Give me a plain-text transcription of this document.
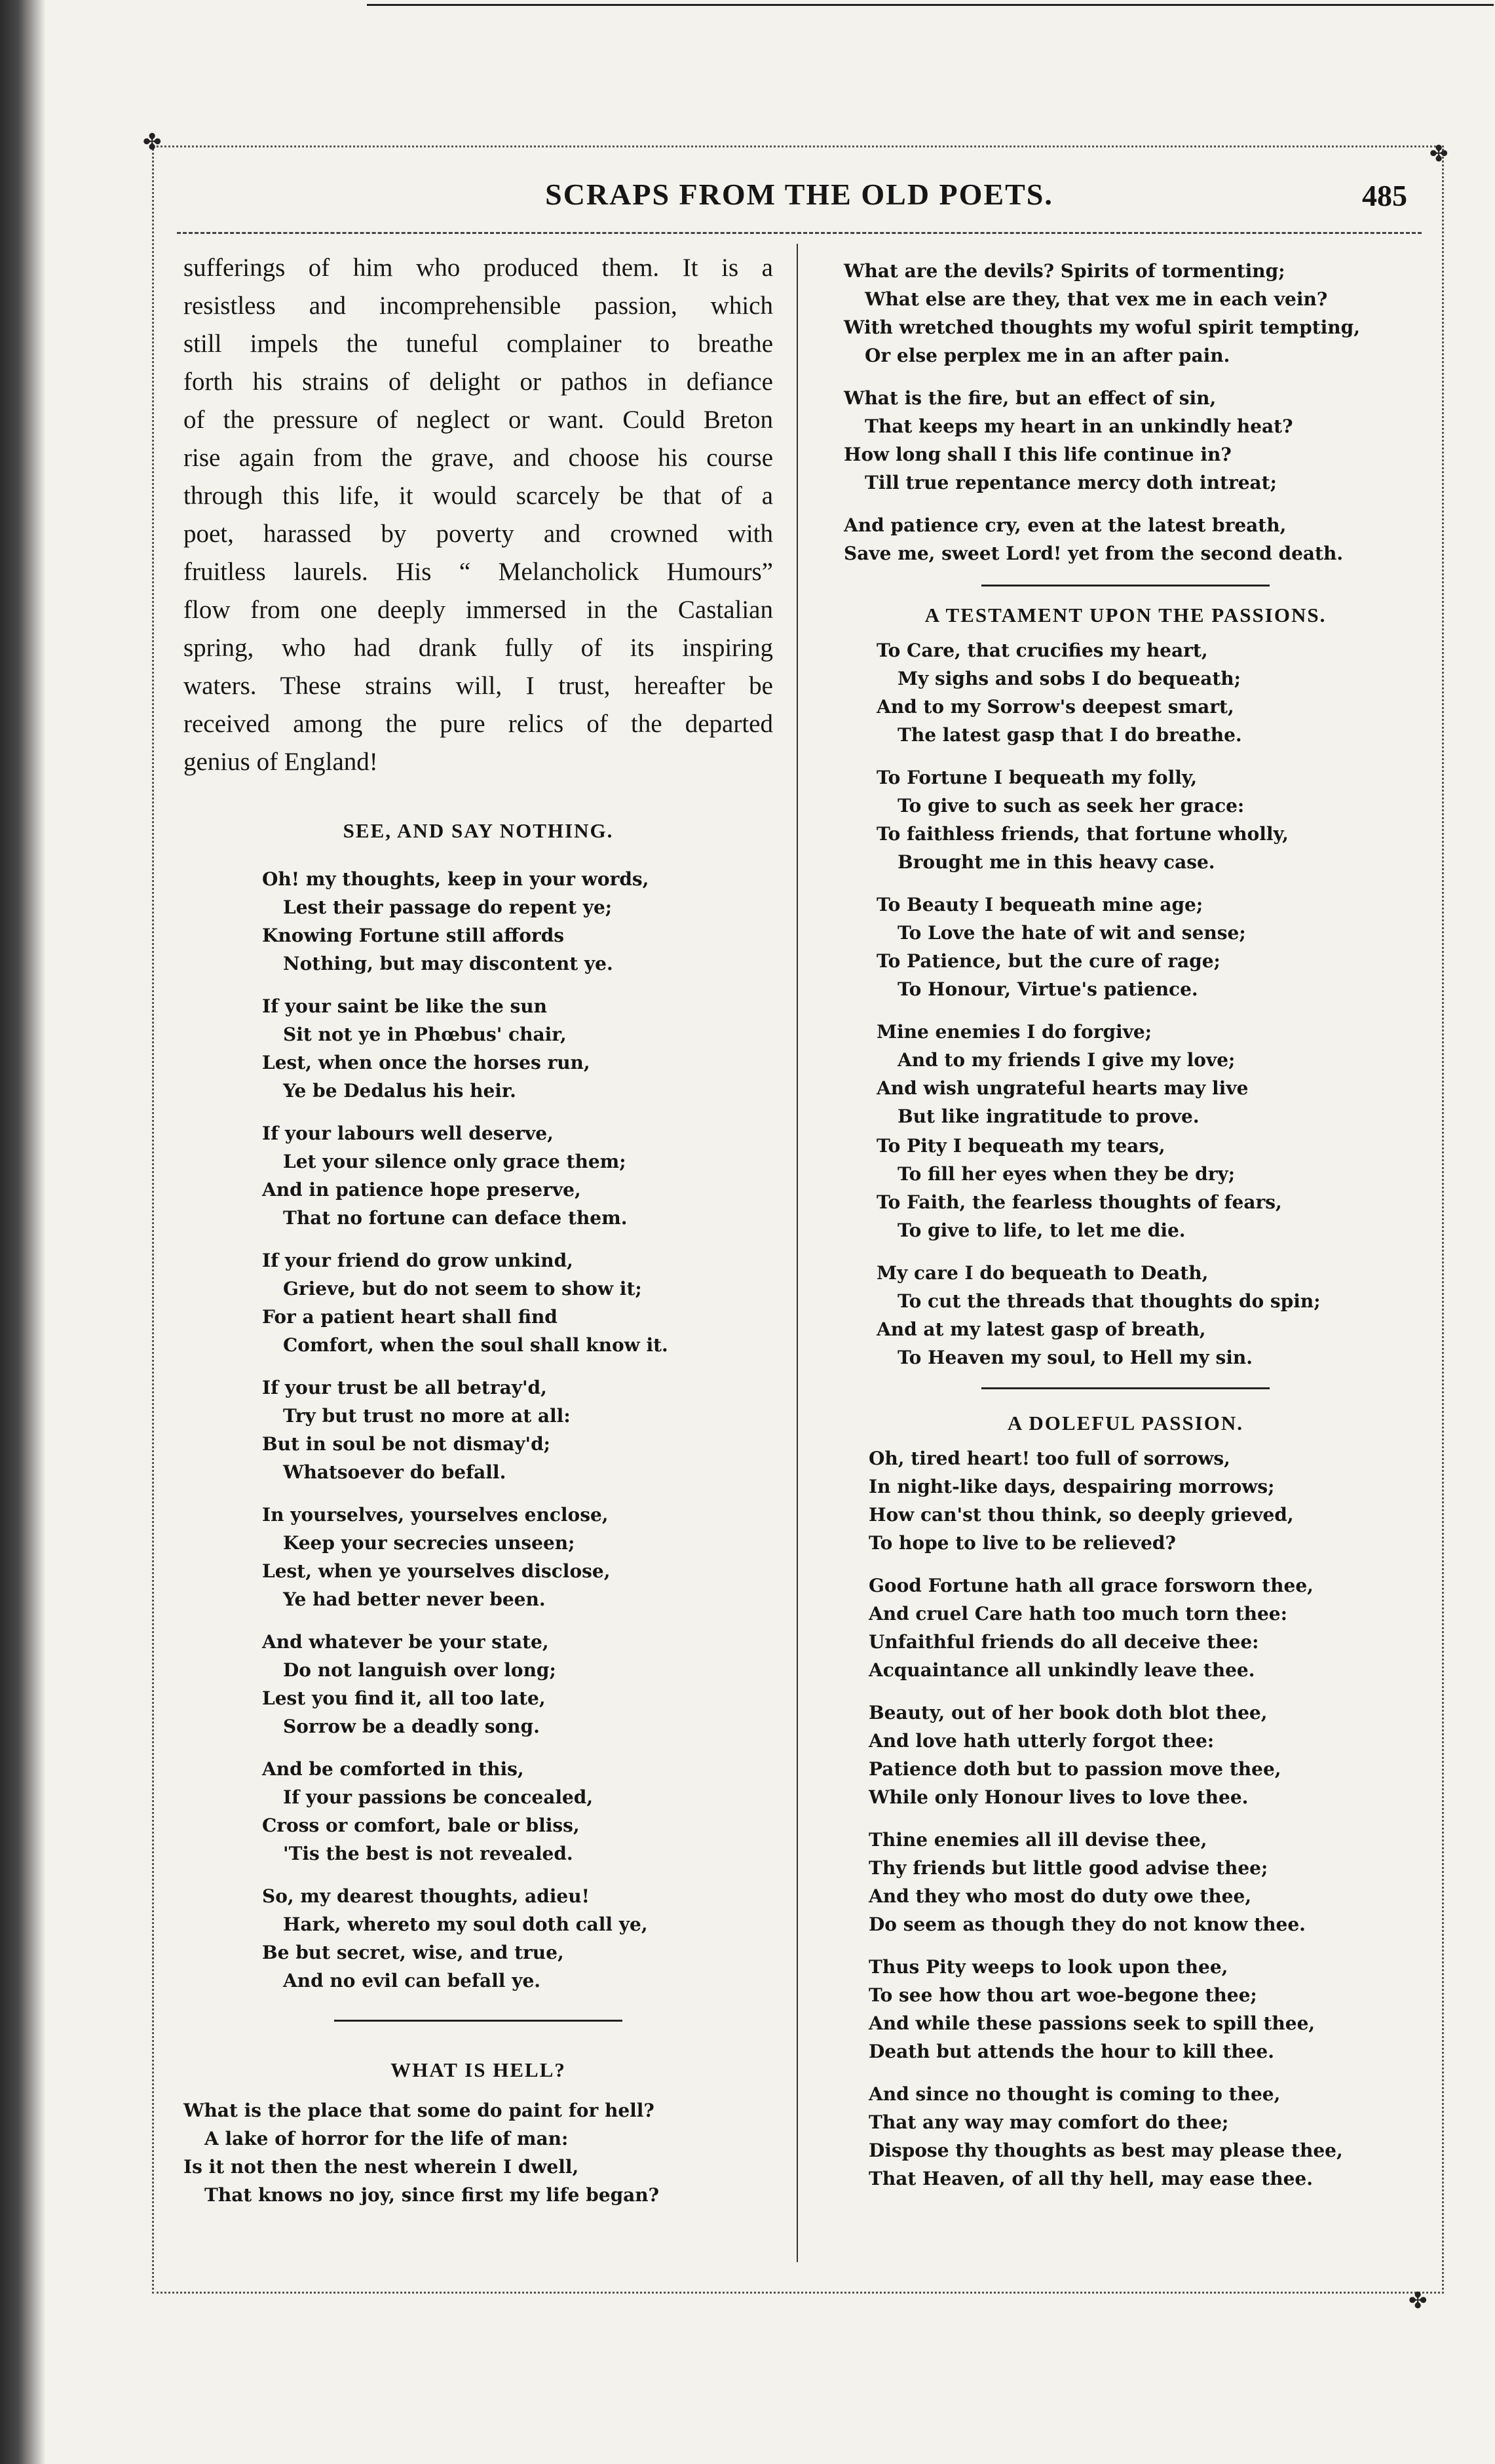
✤	✤
✤
SCRAPS FROM THE OLD POETS.	485
sufferings of him who produced them. It is a
resistless and incomprehensible passion, which
still impels the tuneful complainer to breathe
forth his strains of delight or pathos in defiance
of the pressure of neglect or want. Could Breton
rise again from the grave, and choose his course
through this life, it would scarcely be that of a
poet, harassed by poverty and crowned with
fruitless laurels. His “ Melancholick Humours”
flow from one deeply immersed in the Castalian
spring, who had drank fully of its inspiring
waters. These strains will, I trust, hereafter be
received among the pure relics of the departed
genius of England!
SEE, AND SAY NOTHING.
Oh! my thoughts, keep in your words,
Lest their passage do repent ye;
Knowing Fortune still affords
Nothing, but may discontent ye.
If your saint be like the sun
Sit not ye in Phœbus' chair,
Lest, when once the horses run,
Ye be Dedalus his heir.
If your labours well deserve,
Let your silence only grace them;
And in patience hope preserve,
That no fortune can deface them.
If your friend do grow unkind,
Grieve, but do not seem to show it;
For a patient heart shall find
Comfort, when the soul shall know it.
If your trust be all betray'd,
Try but trust no more at all:
But in soul be not dismay'd;
Whatsoever do befall.
In yourselves, yourselves enclose,
Keep your secrecies unseen;
Lest, when ye yourselves disclose,
Ye had better never been.
And whatever be your state,
Do not languish over long;
Lest you find it, all too late,
Sorrow be a deadly song.
And be comforted in this,
If your passions be concealed,
Cross or comfort, bale or bliss,
'Tis the best is not revealed.
So, my dearest thoughts, adieu!
Hark, whereto my soul doth call ye,
Be but secret, wise, and true,
And no evil can befall ye.
WHAT IS HELL?
What is the place that some do paint for hell?
A lake of horror for the life of man:
Is it not then the nest wherein I dwell,
That knows no joy, since first my life began?
What are the devils? Spirits of tormenting;
What else are they, that vex me in each vein?
With wretched thoughts my woful spirit tempting,
Or else perplex me in an after pain.
What is the fire, but an effect of sin,
That keeps my heart in an unkindly heat?
How long shall I this life continue in?
Till true repentance mercy doth intreat;
And patience cry, even at the latest breath,
Save me, sweet Lord! yet from the second death.
A TESTAMENT UPON THE PASSIONS.
To Care, that crucifies my heart,
My sighs and sobs I do bequeath;
And to my Sorrow's deepest smart,
The latest gasp that I do breathe.
To Fortune I bequeath my folly,
To give to such as seek her grace:
To faithless friends, that fortune wholly,
Brought me in this heavy case.
To Beauty I bequeath mine age;
To Love the hate of wit and sense;
To Patience, but the cure of rage;
To Honour, Virtue's patience.
Mine enemies I do forgive;
And to my friends I give my love;
And wish ungrateful hearts may live
But like ingratitude to prove.
To Pity I bequeath my tears,
To fill her eyes when they be dry;
To Faith, the fearless thoughts of fears,
To give to life, to let me die.
My care I do bequeath to Death,
To cut the threads that thoughts do spin;
And at my latest gasp of breath,
To Heaven my soul, to Hell my sin.
A DOLEFUL PASSION.
Oh, tired heart! too full of sorrows,
In night-like days, despairing morrows;
How can'st thou think, so deeply grieved,
To hope to live to be relieved?
Good Fortune hath all grace forsworn thee,
And cruel Care hath too much torn thee:
Unfaithful friends do all deceive thee:
Acquaintance all unkindly leave thee.
Beauty, out of her book doth blot thee,
And love hath utterly forgot thee:
Patience doth but to passion move thee,
While only Honour lives to love thee.
Thine enemies all ill devise thee,
Thy friends but little good advise thee;
And they who most do duty owe thee,
Do seem as though they do not know thee.
Thus Pity weeps to look upon thee,
To see how thou art woe-begone thee;
And while these passions seek to spill thee,
Death but attends the hour to kill thee.
And since no thought is coming to thee,
That any way may comfort do thee;
Dispose thy thoughts as best may please thee,
That Heaven, of all thy hell, may ease thee.
